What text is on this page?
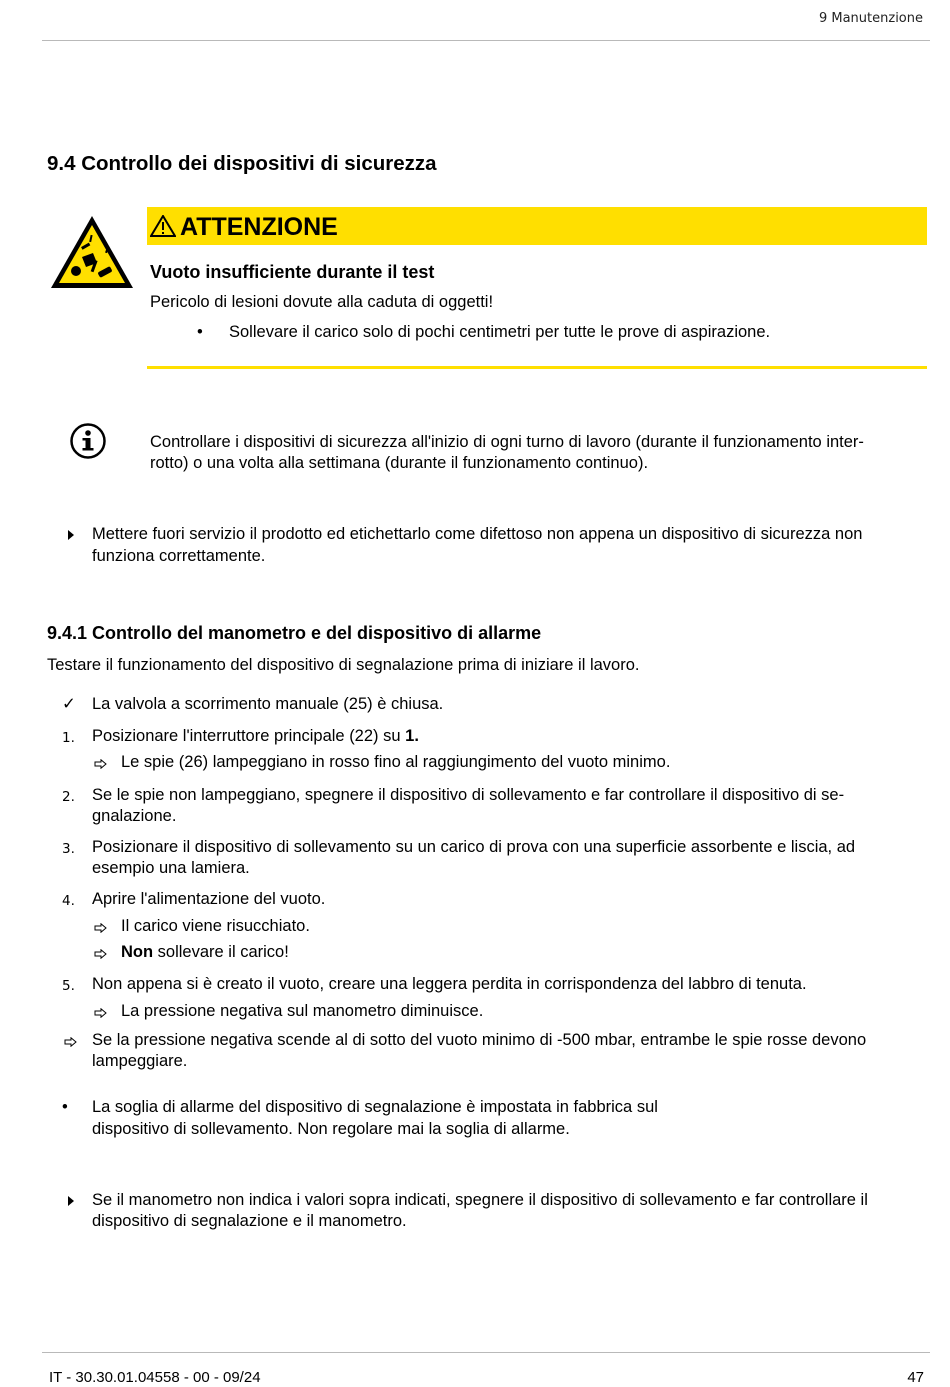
9 Manutenzione
9.4 Controllo dei dispositivi di sicurezza
ATTENZIONE
Vuoto insufficiente durante il test
Pericolo di lesioni dovute alla caduta di oggetti!
• Sollevare il carico solo di pochi centimetri per tutte le prove di aspirazione.
Controllare i dispositivi di sicurezza all'inizio di ogni turno di lavoro (durante il funzionamento inter-
rotto) o una volta alla settimana (durante il funzionamento continuo).
Mettere fuori servizio il prodotto ed etichettarlo come difettoso non appena un dispositivo di sicurezza non
funziona correttamente.
9.4.1 Controllo del manometro e del dispositivo di allarme
Testare il funzionamento del dispositivo di segnalazione prima di iniziare il lavoro.
✓ La valvola a scorrimento manuale (25) è chiusa.
1. Posizionare l'interruttore principale (22) su 1.
Le spie (26) lampeggiano in rosso fino al raggiungimento del vuoto minimo.
2. Se le spie non lampeggiano, spegnere il dispositivo di sollevamento e far controllare il dispositivo di se-
gnalazione.
3. Posizionare il dispositivo di sollevamento su un carico di prova con una superficie assorbente e liscia, ad
esempio una lamiera.
4. Aprire l'alimentazione del vuoto.
Il carico viene risucchiato.
Non sollevare il carico!
5. Non appena si è creato il vuoto, creare una leggera perdita in corrispondenza del labbro di tenuta.
La pressione negativa sul manometro diminuisce.
Se la pressione negativa scende al di sotto del vuoto minimo di -500 mbar, entrambe le spie rosse devono
lampeggiare.
• La soglia di allarme del dispositivo di segnalazione è impostata in fabbrica sul
dispositivo di sollevamento. Non regolare mai la soglia di allarme.
Se il manometro non indica i valori sopra indicati, spegnere il dispositivo di sollevamento e far controllare il
dispositivo di segnalazione e il manometro.
IT - 30.30.01.04558 - 00 - 09/24	47
